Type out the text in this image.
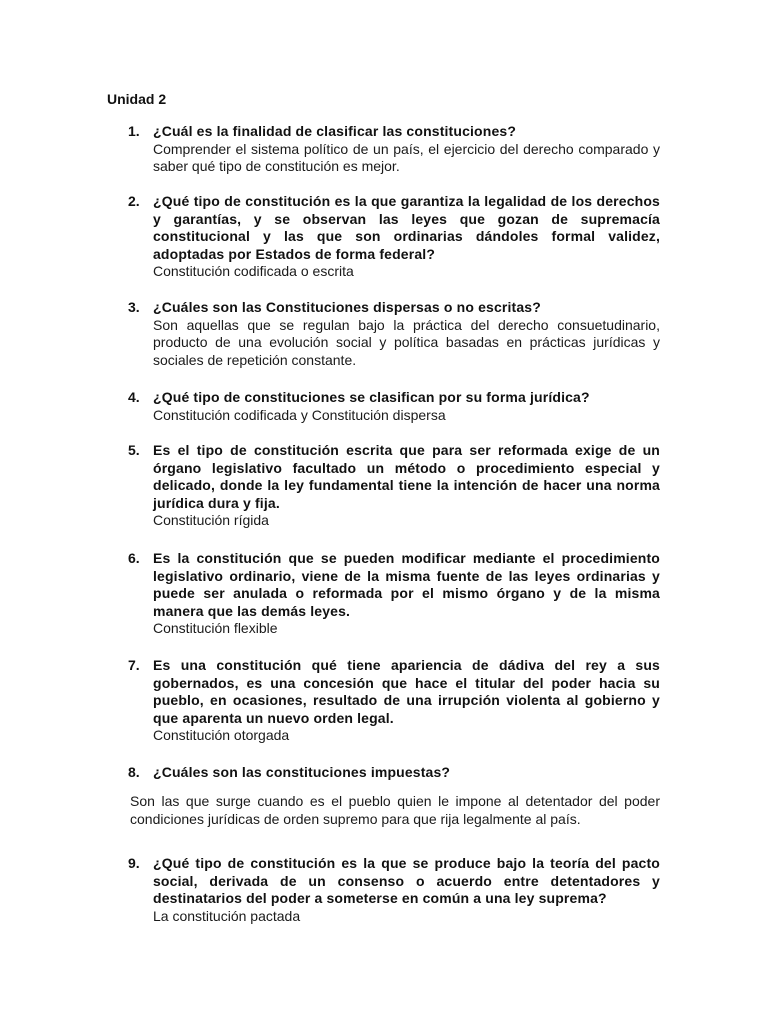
Unidad 2
1. ¿Cuál es la finalidad de clasificar las constituciones?

Comprender el sistema político de un país, el ejercicio del derecho comparado y saber qué tipo de constitución es mejor.

2. ¿Qué tipo de constitución es la que garantiza la legalidad de los derechos y garantías, y se observan las leyes que gozan de supremacía constitucional y las que son ordinarias dándoles formal validez, adoptadas por Estados de forma federal?

Constitución codificada o escrita

3. ¿Cuáles son las Constituciones dispersas o no escritas?

Son aquellas que se regulan bajo la práctica del derecho consuetudinario, producto de una evolución social y política basadas en prácticas jurídicas y sociales de repetición constante.

4. ¿Qué tipo de constituciones se clasifican por su forma jurídica?

Constitución codificada y Constitución dispersa

5. Es el tipo de constitución escrita que para ser reformada exige de un órgano legislativo facultado un método o procedimiento especial y delicado, donde la ley fundamental tiene la intención de hacer una norma jurídica dura y fija.

Constitución rígida

6. Es la constitución que se pueden modificar mediante el procedimiento legislativo ordinario, viene de la misma fuente de las leyes ordinarias y puede ser anulada o reformada por el mismo órgano y de la misma manera que las demás leyes.

Constitución flexible

7. Es una constitución qué tiene apariencia de dádiva del rey a sus gobernados, es una concesión que hace el titular del poder hacia su pueblo, en ocasiones, resultado de una irrupción violenta al gobierno y que aparenta un nuevo orden legal.

Constitución otorgada

8. ¿Cuáles son las constituciones impuestas?

Son las que surge cuando es el pueblo quien le impone al detentador del poder condiciones jurídicas de orden supremo para que rija legalmente al país.

9. ¿Qué tipo de constitución es la que se produce bajo la teoría del pacto social, derivada de un consenso o acuerdo entre detentadores y destinatarios del poder a someterse en común a una ley suprema?

La constitución pactada
